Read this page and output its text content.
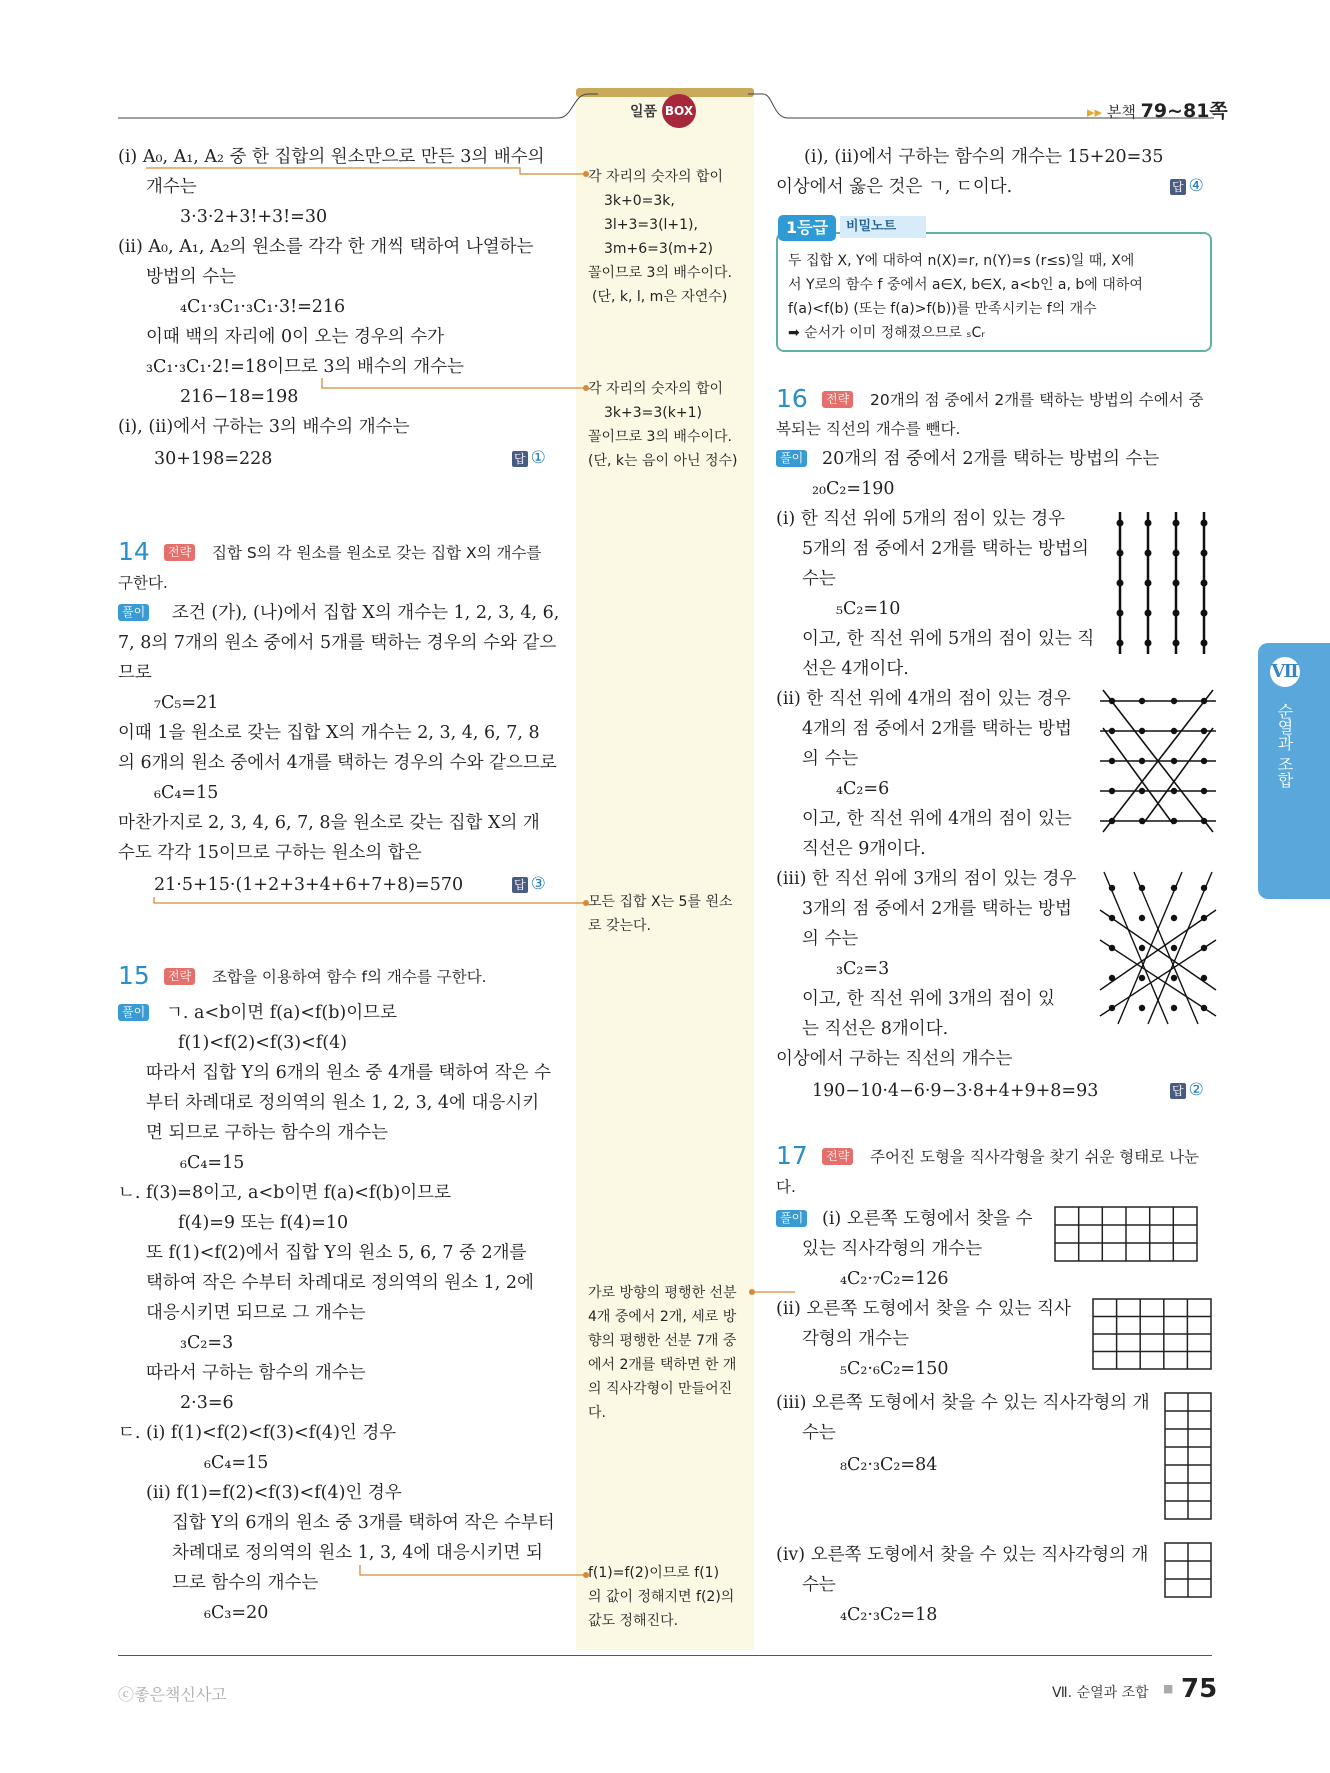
일품 BOX	▸▸ 본책 79~81쪽
(i) A₀, A₁, A₂ 중 한 집합의 원소만으로 만든 3의 배수의
개수는
3·3·2+3!+3!=30
(ii) A₀, A₁, A₂의 원소를 각각 한 개씩 택하여 나열하는
방법의 수는
₄C₁·₃C₁·₃C₁·3!=216
이때 백의 자리에 0이 오는 경우의 수가
₃C₁·₃C₁·2!=18이므로 3의 배수의 개수는
216−18=198
(i), (ii)에서 구하는 3의 배수의 개수는
30+198=228	답 ①
14	전략 집합 S의 각 원소를 원소로 갖는 집합 X의 개수를
구한다.
풀이 조건 (가), (나)에서 집합 X의 개수는 1, 2, 3, 4, 6,
7, 8의 7개의 원소 중에서 5개를 택하는 경우의 수와 같으
므로
₇C₅=21
이때 1을 원소로 갖는 집합 X의 개수는 2, 3, 4, 6, 7, 8
의 6개의 원소 중에서 4개를 택하는 경우의 수와 같으므로
₆C₄=15
마찬가지로 2, 3, 4, 6, 7, 8을 원소로 갖는 집합 X의 개
수도 각각 15이므로 구하는 원소의 합은
21·5+15·(1+2+3+4+6+7+8)=570	답 ③
15	전략 조합을 이용하여 함수 f의 개수를 구한다.
풀이 ㄱ. a<b이면 f(a)<f(b)이므로
f(1)<f(2)<f(3)<f(4)
따라서 집합 Y의 6개의 원소 중 4개를 택하여 작은 수
부터 차례대로 정의역의 원소 1, 2, 3, 4에 대응시키
면 되므로 구하는 함수의 개수는
₆C₄=15
ㄴ. f(3)=8이고, a<b이면 f(a)<f(b)이므로
f(4)=9 또는 f(4)=10
또 f(1)<f(2)에서 집합 Y의 원소 5, 6, 7 중 2개를
택하여 작은 수부터 차례대로 정의역의 원소 1, 2에
대응시키면 되므로 그 개수는
₃C₂=3
따라서 구하는 함수의 개수는
2·3=6
ㄷ. (i) f(1)<f(2)<f(3)<f(4)인 경우
₆C₄=15
(ii) f(1)=f(2)<f(3)<f(4)인 경우
집합 Y의 6개의 원소 중 3개를 택하여 작은 수부터
차례대로 정의역의 원소 1, 3, 4에 대응시키면 되
므로 함수의 개수는
₆C₃=20
각 자리의 숫자의 합이
3k+0=3k,
3l+3=3(l+1),
3m+6=3(m+2)
꼴이므로 3의 배수이다.
(단, k, l, m은 자연수)
각 자리의 숫자의 합이
3k+3=3(k+1)
꼴이므로 3의 배수이다.
(단, k는 음이 아닌 정수)
모든 집합 X는 5를 원소
로 갖는다.
가로 방향의 평행한 선분
4개 중에서 2개, 세로 방
향의 평행한 선분 7개 중
에서 2개를 택하면 한 개
의 직사각형이 만들어진
다.
f(1)=f(2)이므로 f(1)
의 값이 정해지면 f(2)의
값도 정해진다.
(i), (ii)에서 구하는 함수의 개수는 15+20=35
이상에서 옳은 것은 ㄱ, ㄷ이다.	답 ④
1등급	비밀노트
두 집합 X, Y에 대하여 n(X)=r, n(Y)=s (r≤s)일 때, X에
서 Y로의 함수 f 중에서 a∈X, b∈X, a<b인 a, b에 대하여
f(a)<f(b) (또는 f(a)>f(b))를 만족시키는 f의 개수
➡ 순서가 이미 정해졌으므로 ₛCᵣ
16	전략 20개의 점 중에서 2개를 택하는 방법의 수에서 중
복되는 직선의 개수를 뺀다.
풀이 20개의 점 중에서 2개를 택하는 방법의 수는
₂₀C₂=190
(i) 한 직선 위에 5개의 점이 있는 경우
5개의 점 중에서 2개를 택하는 방법의
수는
₅C₂=10
이고, 한 직선 위에 5개의 점이 있는 직
선은 4개이다.
(ii) 한 직선 위에 4개의 점이 있는 경우
4개의 점 중에서 2개를 택하는 방법
의 수는
₄C₂=6
이고, 한 직선 위에 4개의 점이 있는
직선은 9개이다.
(iii) 한 직선 위에 3개의 점이 있는 경우
3개의 점 중에서 2개를 택하는 방법
의 수는
₃C₂=3
이고, 한 직선 위에 3개의 점이 있
는 직선은 8개이다.
이상에서 구하는 직선의 개수는
190−10·4−6·9−3·8+4+9+8=93	답 ②
17	전략 주어진 도형을 직사각형을 찾기 쉬운 형태로 나눈
다.
풀이 (i) 오른쪽 도형에서 찾을 수
있는 직사각형의 개수는
₄C₂·₇C₂=126
(ii) 오른쪽 도형에서 찾을 수 있는 직사
각형의 개수는
₅C₂·₆C₂=150
(iii) 오른쪽 도형에서 찾을 수 있는 직사각형의 개
수는
₈C₂·₃C₂=84
(iv) 오른쪽 도형에서 찾을 수 있는 직사각형의 개
수는
₄C₂·₃C₂=18
Ⅶ
순열과 조합
ⓒ좋은책신사고	Ⅶ. 순열과 조합 ■ 75
